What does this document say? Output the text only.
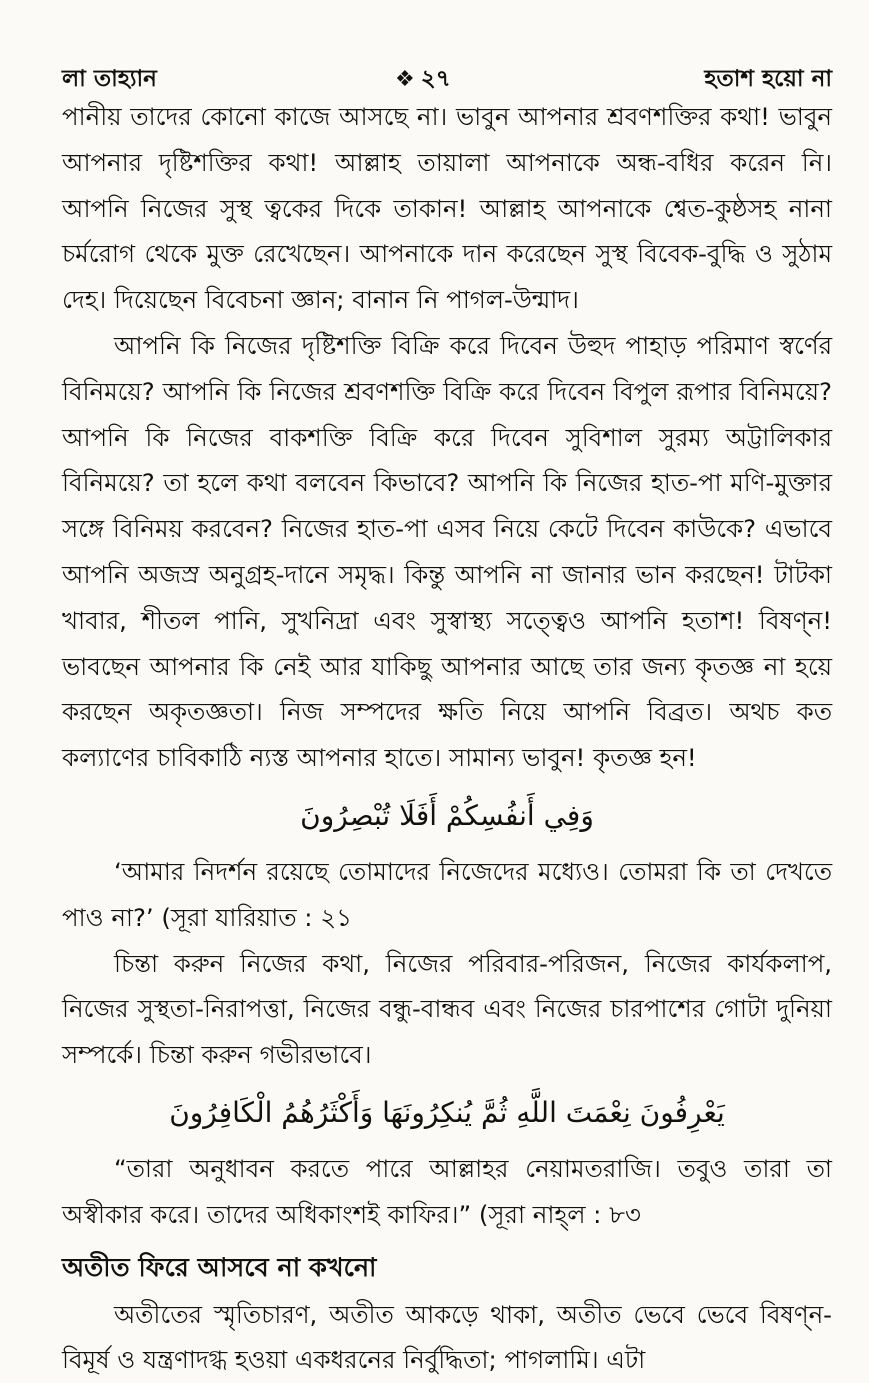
লা তাহ্যান	❖ ২৭	হতাশ হয়ো না

পানীয় তাদের কোনো কাজে আসছে না। ভাবুন আপনার শ্রবণশক্তির কথা! ভাবুন আপনার দৃষ্টিশক্তির কথা! আল্লাহ তায়ালা আপনাকে অন্ধ-বধির করেন নি। আপনি নিজের সুস্থ ত্বকের দিকে তাকান! আল্লাহ আপনাকে শ্বেত-কুষ্ঠসহ নানা চর্মরোগ থেকে মুক্ত রেখেছেন। আপনাকে দান করেছেন সুস্থ বিবেক-বুদ্ধি ও সুঠাম দেহ। দিয়েছেন বিবেচনা জ্ঞান; বানান নি পাগল-উন্মাদ।

আপনি কি নিজের দৃষ্টিশক্তি বিক্রি করে দিবেন উহুদ পাহাড় পরিমাণ স্বর্ণের বিনিময়ে? আপনি কি নিজের শ্রবণশক্তি বিক্রি করে দিবেন বিপুল রূপার বিনিময়ে? আপনি কি নিজের বাকশক্তি বিক্রি করে দিবেন সুবিশাল সুরম্য অট্টালিকার বিনিময়ে? তা হলে কথা বলবেন কিভাবে? আপনি কি নিজের হাত-পা মণি-মুক্তার সঙ্গে বিনিময় করবেন? নিজের হাত-পা এসব নিয়ে কেটে দিবেন কাউকে? এভাবে আপনি অজস্র অনুগ্রহ-দানে সমৃদ্ধ। কিন্তু আপনি না জানার ভান করছেন! টাটকা খাবার, শীতল পানি, সুখনিদ্রা এবং সুস্বাস্থ্য সত্ত্বেও আপনি হতাশ! বিষণ্ন! ভাবছেন আপনার কি নেই আর যাকিছু আপনার আছে তার জন্য কৃতজ্ঞ না হয়ে করছেন অকৃতজ্ঞতা। নিজ সম্পদের ক্ষতি নিয়ে আপনি বিব্রত। অথচ কত কল্যাণের চাবিকাঠি ন্যস্ত আপনার হাতে। সামান্য ভাবুন! কৃতজ্ঞ হন!

وَفِي أَنفُسِكُمْ أَفَلَا تُبْصِرُونَ

‘আমার নিদর্শন রয়েছে তোমাদের নিজেদের মধ্যেও। তোমরা কি তা দেখতে পাও না?’ (সূরা যারিয়াত : ২১

চিন্তা করুন নিজের কথা, নিজের পরিবার-পরিজন, নিজের কার্যকলাপ, নিজের সুস্থতা-নিরাপত্তা, নিজের বন্ধু-বান্ধব এবং নিজের চারপাশের গোটা দুনিয়া সম্পর্কে। চিন্তা করুন গভীরভাবে।

يَعْرِفُونَ نِعْمَتَ اللَّهِ ثُمَّ يُنكِرُونَهَا وَأَكْثَرُهُمُ الْكَافِرُونَ

“তারা অনুধাবন করতে পারে আল্লাহর নেয়ামতরাজি। তবুও তারা তা অস্বীকার করে। তাদের অধিকাংশই কাফির।” (সূরা নাহ্‌ল : ৮৩

অতীত ফিরে আসবে না কখনো

অতীতের স্মৃতিচারণ, অতীত আকড়ে থাকা, অতীত ভেবে ভেবে বিষণ্ন-বিমূর্ষ ও যন্ত্রণাদগ্ধ হওয়া একধরনের নির্বুদ্ধিতা; পাগলামি। এটা
